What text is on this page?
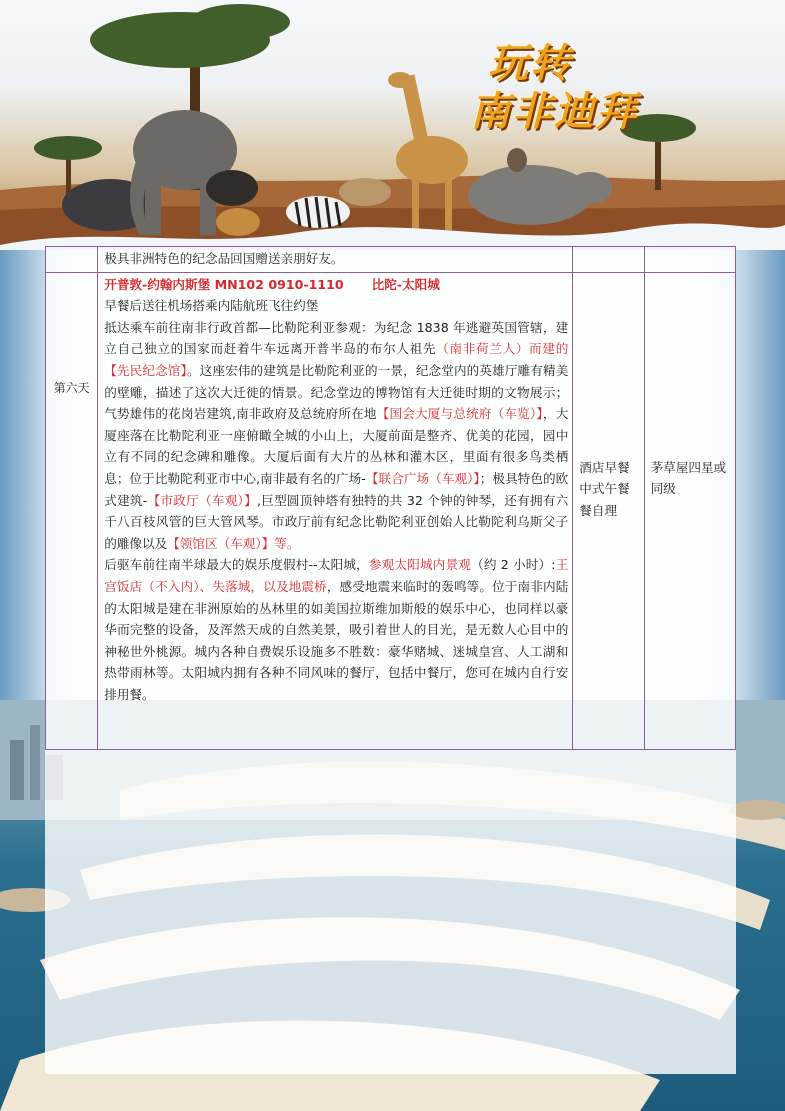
玩转
南非迪拜

	极具非洲特色的纪念品回国赠送亲朋好友。		

第六天	开普敦-约翰内斯堡 MN102 0910-1110 比陀-太阳城
早餐后送往机场搭乘内陆航班飞往约堡
抵达乘车前往南非行政首都—比勒陀利亚参观：为纪念 1838 年逃避英国管辖，建立自己独立的国家而赶着牛车远离开普半岛的布尔人祖先（南非荷兰人）而建的【先民纪念馆】。这座宏伟的建筑是比勒陀利亚的一景，纪念堂内的英雄厅雕有精美的壁雕，描述了这次大迁徙的情景。纪念堂边的博物馆有大迁徙时期的文物展示；气势雄伟的花岗岩建筑,南非政府及总统府所在地【国会大厦与总统府（车览）】，大厦座落在比勒陀利亚一座俯瞰全城的小山上，大厦前面是整齐、优美的花园，园中立有不同的纪念碑和雕像。大厦后面有大片的丛林和灌木区，里面有很多鸟类栖息；位于比勒陀利亚市中心,南非最有名的广场-【联合广场（车观）】；极具特色的欧式建筑-【市政厅（车观）】,巨型圆顶钟塔有独特的共 32 个钟的钟琴，还有拥有六千八百枝风管的巨大管风琴。市政厅前有纪念比勒陀利亚创始人比勒陀利乌斯父子的雕像以及【领馆区（车观）】等。
后驱车前往南半球最大的娱乐度假村--太阳城，参观太阳城内景观（约 2 小时）:王宫饭店（不入内）、失落城，以及地震桥，感受地震来临时的轰鸣等。位于南非内陆的太阳城是建在非洲原始的丛林里的如美国拉斯维加斯般的娱乐中心，也同样以豪华而完整的设备，及浑然天成的自然美景，吸引着世人的目光，是无数人心目中的神秘世外桃源。城内各种自费娱乐设施多不胜数：豪华赌城、迷城皇宫、人工湖和热带雨林等。太阳城内拥有各种不同风味的餐厅，包括中餐厅，您可在城内自行安排用餐。	酒店早餐中式午餐餐自理	茅草屋四星或同级
